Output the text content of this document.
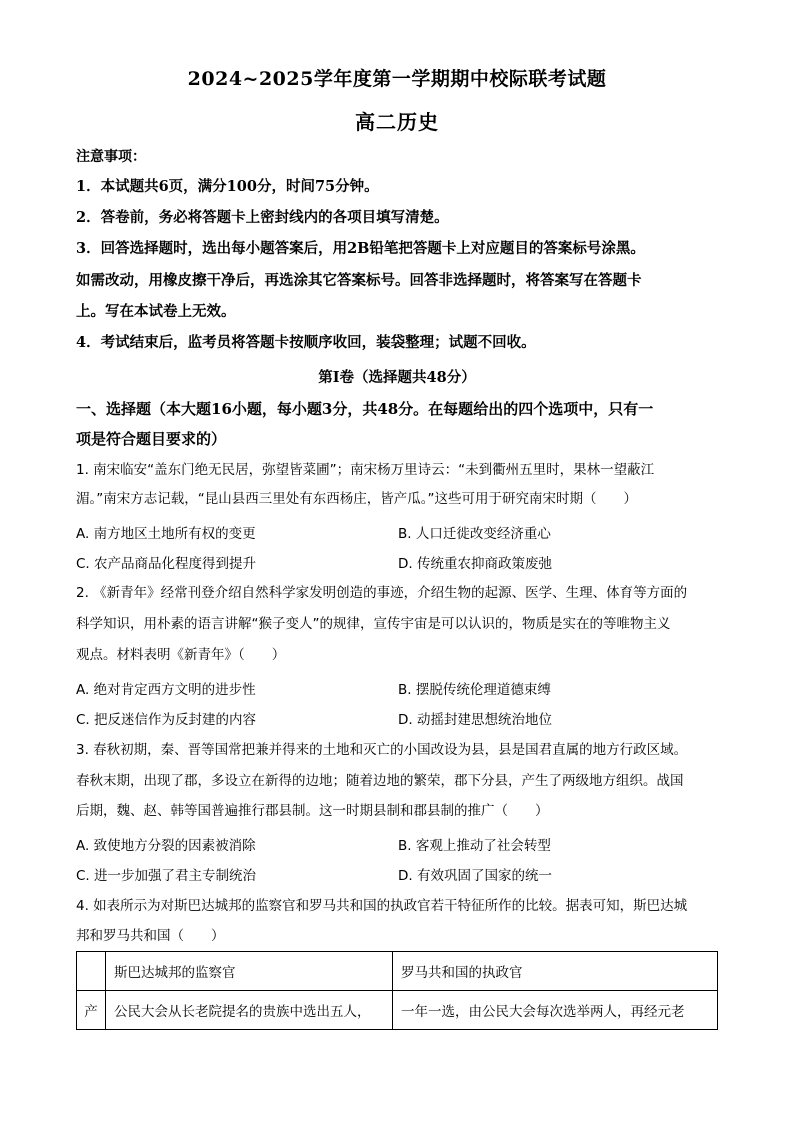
2024~2025学年度第一学期期中校际联考试题
高二历史
注意事项：
1．本试题共6页，满分100分，时间75分钟。
2．答卷前，务必将答题卡上密封线内的各项目填写清楚。
3．回答选择题时，选出每小题答案后，用2B铅笔把答题卡上对应题目的答案标号涂黑。
如需改动，用橡皮擦干净后，再选涂其它答案标号。回答非选择题时，将答案写在答题卡
上。写在本试卷上无效。
4．考试结束后，监考员将答题卡按顺序收回，装袋整理；试题不回收。
第Ⅰ卷（选择题共48分）
一、选择题（本大题16小题，每小题3分，共48分。在每题给出的四个选项中，只有一
项是符合题目要求的）
1. 南宋临安“盖东门绝无民居，弥望皆菜圃”；南宋杨万里诗云：“未到衢州五里时，果林一望蔽江
湄。”南宋方志记载，“昆山县西三里处有东西杨庄，皆产瓜。”这些可用于研究南宋时期（　　）
A. 南方地区土地所有权的变更	B. 人口迁徙改变经济重心
C. 农产品商品化程度得到提升	D. 传统重农抑商政策废弛
2. 《新青年》经常刊登介绍自然科学家发明创造的事迹，介绍生物的起源、医学、生理、体育等方面的
科学知识，用朴素的语言讲解“猴子变人”的规律，宣传宇宙是可以认识的，物质是实在的等唯物主义
观点。材料表明《新青年》（　　）
A. 绝对肯定西方文明的进步性	B. 摆脱传统伦理道德束缚
C. 把反迷信作为反封建的内容	D. 动摇封建思想统治地位
3. 春秋初期，秦、晋等国常把兼并得来的土地和灭亡的小国改设为县，县是国君直属的地方行政区域。
春秋末期，出现了郡，多设立在新得的边地；随着边地的繁荣，郡下分县，产生了两级地方组织。战国
后期，魏、赵、韩等国普遍推行郡县制。这一时期县制和郡县制的推广（　　）
A. 致使地方分裂的因素被消除	B. 客观上推动了社会转型
C. 进一步加强了君主专制统治	D. 有效巩固了国家的统一
4. 如表所示为对斯巴达城邦的监察官和罗马共和国的执政官若干特征所作的比较。据表可知，斯巴达城
邦和罗马共和国（　　）
	斯巴达城邦的监察官	罗马共和国的执政官
产	公民大会从长老院提名的贵族中选出五人，	一年一选，由公民大会每次选举两人，再经元老
